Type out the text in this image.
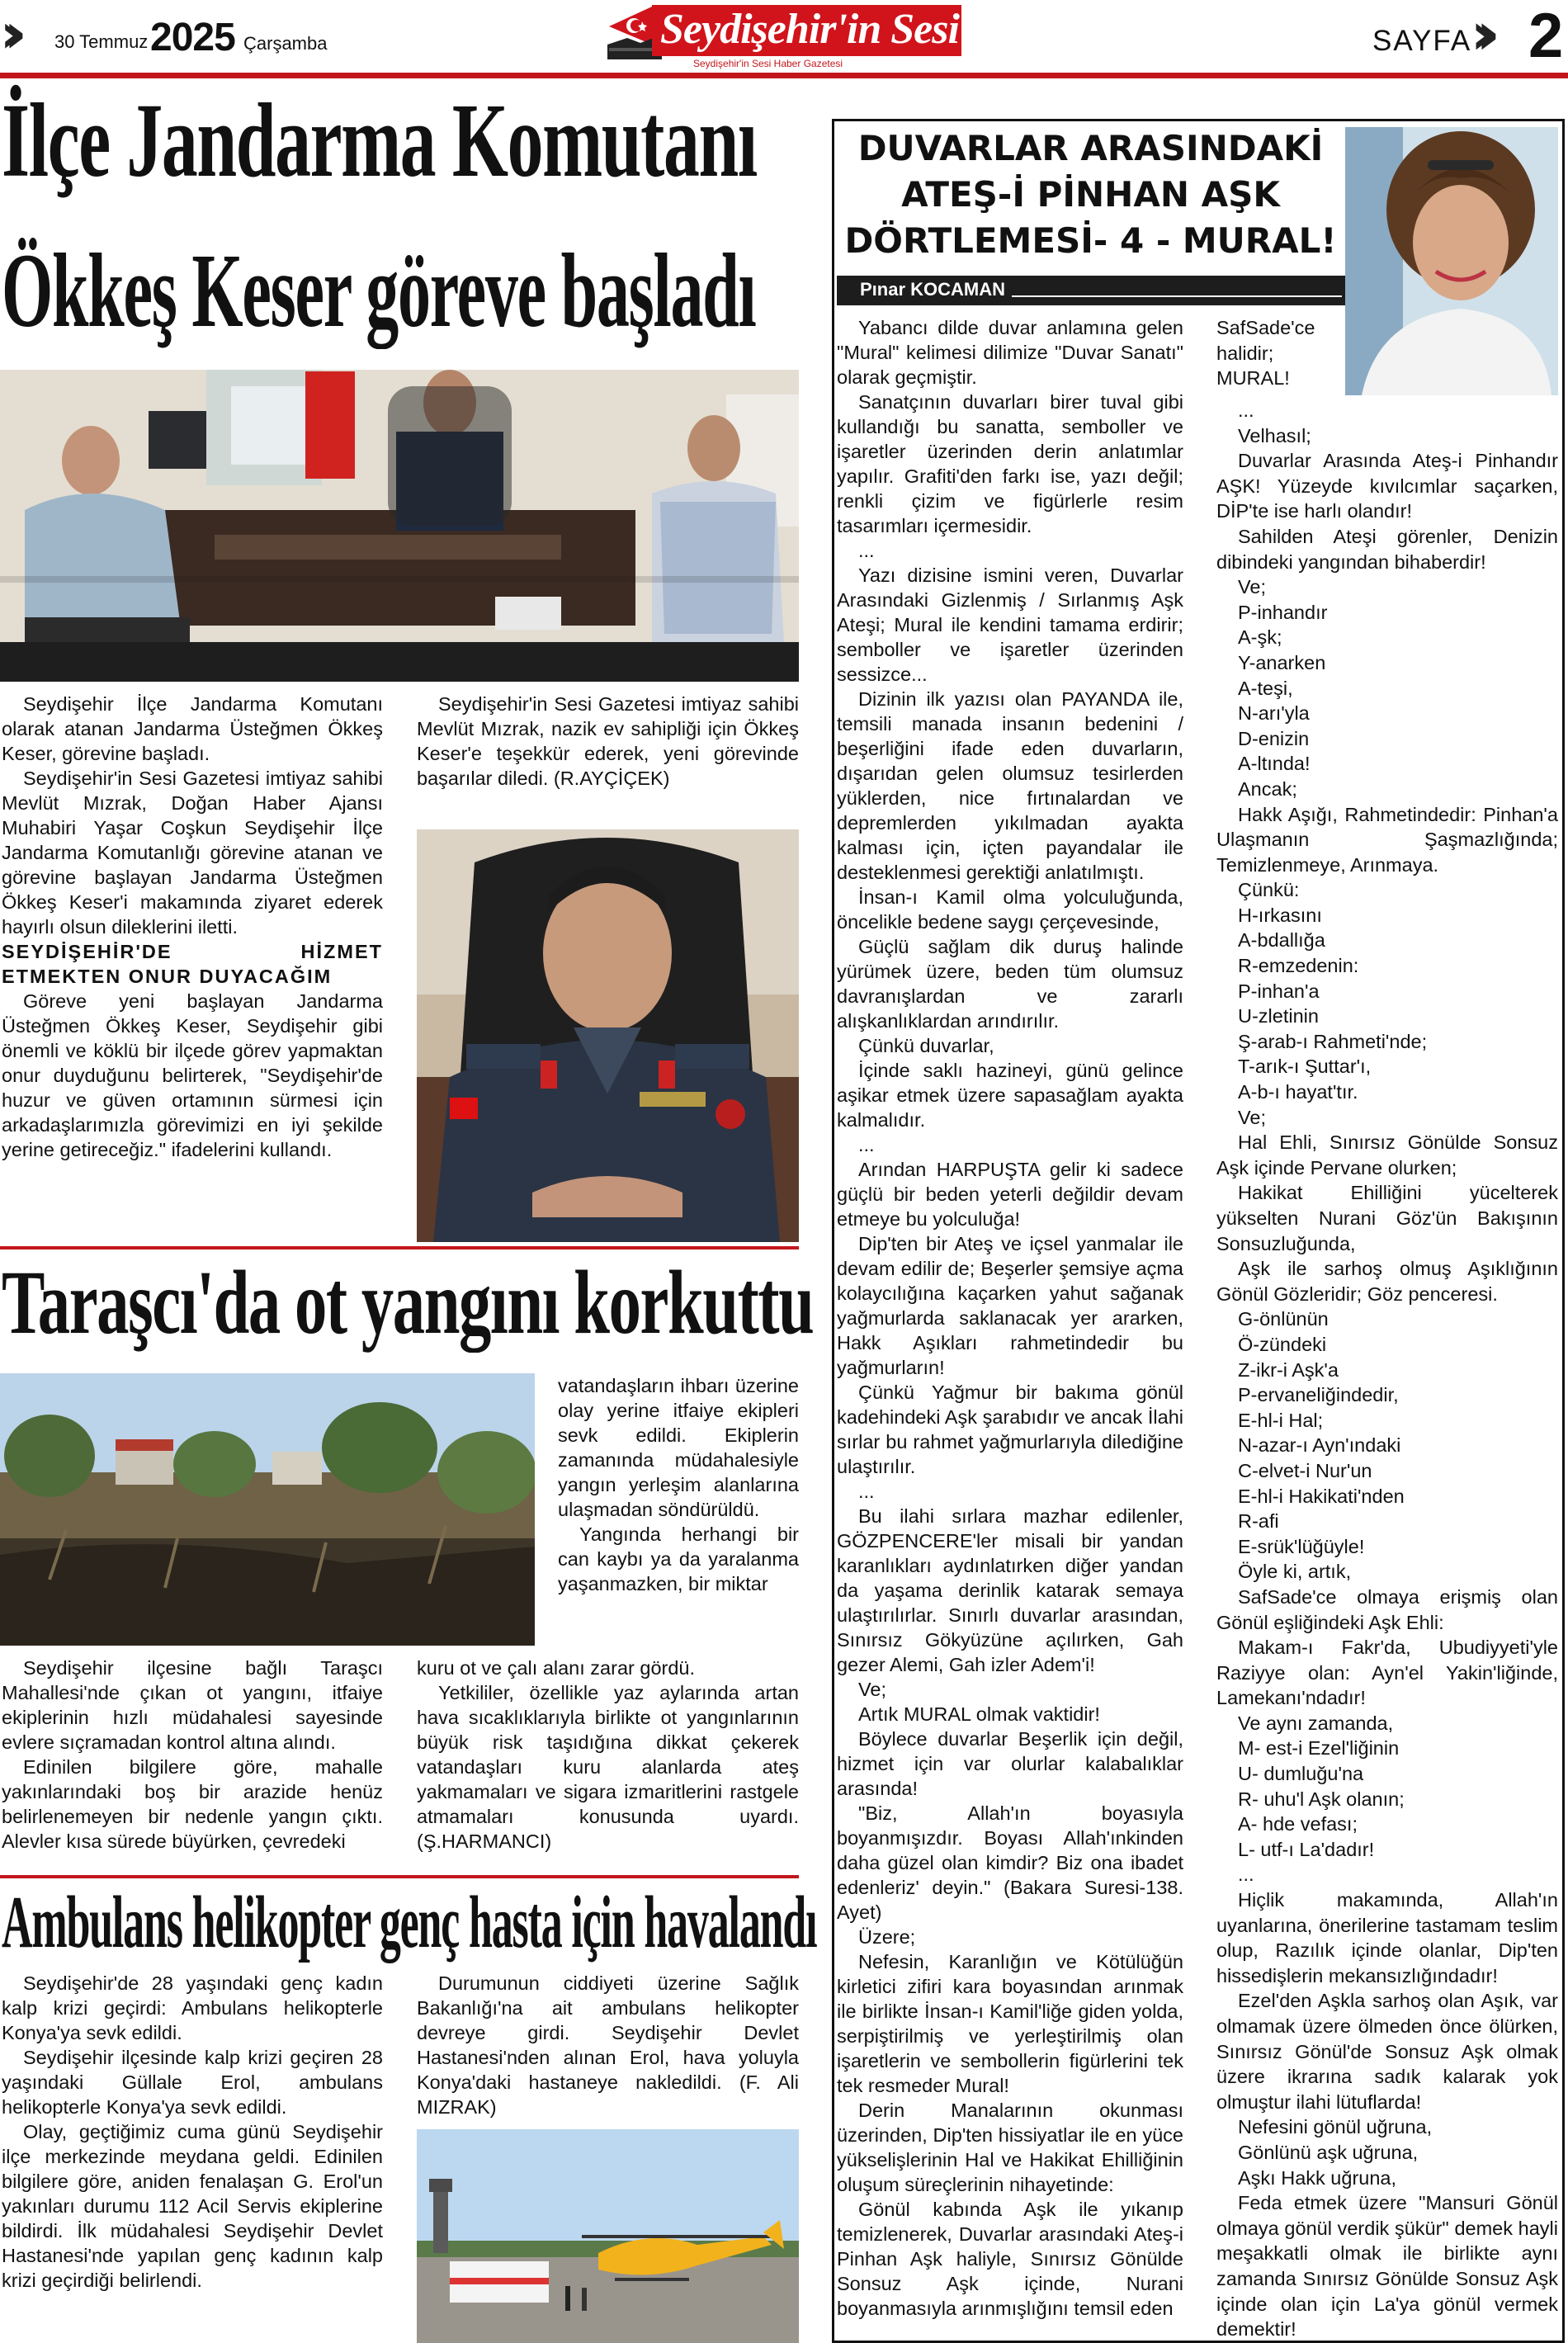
››	30 Temmuz 2025 Çarşamba	Seydişehir'in Sesi
Seydişehir'in Sesi Haber Gazetesi
SAYFA
›› 2
İlçe Jandarma Komutanı
Ökkeş Keser göreve başladı

Seydişehir İlçe Jandarma Komutanı olarak atanan Jandarma Üsteğmen Ökkeş Keser, görevine başladı.

Seydişehir'in Sesi Gazetesi imtiyaz sahibi Mevlüt Mızrak, Doğan Haber Ajansı Muhabiri Yaşar Coşkun Seydişehir İlçe Jandarma Komutanlığı görevine atanan ve görevine başlayan Jandarma Üsteğmen Ökkeş Keser'i makamında ziyaret ederek hayırlı olsun dileklerini iletti.

SEYDİŞEHİR'DE HİZMET ETMEKTEN ONUR DUYACAĞIM

Göreve yeni başlayan Jandarma Üsteğmen Ökkeş Keser, Seydişehir gibi önemli ve köklü bir ilçede görev yapmaktan onur duyduğunu belirterek, "Seydişehir'de huzur ve güven ortamının sürmesi için arkadaşlarımızla görevimizi en iyi şekilde yerine getireceğiz." ifadelerini kullandı.

Seydişehir'in Sesi Gazetesi imtiyaz sahibi Mevlüt Mızrak, nazik ev sahipliği için Ökkeş Keser'e teşekkür ederek, yeni görevinde başarılar diledi. (R.AYÇİÇEK)

Taraşcı'da ot yangını korkuttu

vatandaşların ihbarı üzerine olay yerine itfaiye ekipleri sevk edildi. Ekiplerin zamanında müdahalesiyle yangın yerleşim alanlarına ulaşmadan söndürüldü.

Yangında herhangi bir can kaybı ya da yaralanma yaşanmazken, bir miktar

Seydişehir ilçesine bağlı Taraşcı Mahallesi'nde çıkan ot yangını, itfaiye ekiplerinin hızlı müdahalesi sayesinde evlere sıçramadan kontrol altına alındı.

Edinilen bilgilere göre, mahalle yakınlarındaki boş bir arazide henüz belirlenemeyen bir nedenle yangın çıktı. Alevler kısa sürede büyürken, çevredeki

kuru ot ve çalı alanı zarar gördü.

Yetkililer, özellikle yaz aylarında artan hava sıcaklıklarıyla birlikte ot yangınlarının büyük risk taşıdığına dikkat çekerek vatandaşları kuru alanlarda ateş yakmamaları ve sigara izmaritlerini rastgele atmamaları konusunda uyardı. (Ş.HARMANCI)

Ambulans helikopter genç hasta için havalandı

Seydişehir'de 28 yaşındaki genç kadın kalp krizi geçirdi: Ambulans helikopterle Konya'ya sevk edildi.

Seydişehir ilçesinde kalp krizi geçiren 28 yaşındaki Güllale Erol, ambulans helikopterle Konya'ya sevk edildi.

Olay, geçtiğimiz cuma günü Seydişehir ilçe merkezinde meydana geldi. Edinilen bilgilere göre, aniden fenalaşan G. Erol'un yakınları durumu 112 Acil Servis ekiplerine bildirdi. İlk müdahalesi Seydişehir Devlet Hastanesi'nde yapılan genç kadının kalp krizi geçirdiği belirlendi.

Durumunun ciddiyeti üzerine Sağlık Bakanlığı'na ait ambulans helikopter devreye girdi. Seydişehir Devlet Hastanesi'nden alınan Erol, hava yoluyla Konya'daki hastaneye nakledildi. (F. Ali MIZRAK)

DUVARLAR ARASINDAKİ
ATEŞ-İ PİNHAN AŞK
DÖRTLEMESİ- 4 - MURAL!
Pınar KOCAMAN

Yabancı dilde duvar anlamına gelen "Mural" kelimesi dilimize "Duvar Sanatı" olarak geçmiştir.

Sanatçının duvarları birer tuval gibi kullandığı bu sanatta, semboller ve işaretler üzerinden derin anlatımlar yapılır. Grafiti'den farkı ise, yazı değil; renkli çizim ve figürlerle resim tasarımları içermesidir.

...

Yazı dizisine ismini veren, Duvarlar Arasındaki Gizlenmiş / Sırlanmış Aşk Ateşi; Mural ile kendini tamama erdirir; semboller ve işaretler üzerinden sessizce...

Dizinin ilk yazısı olan PAYANDA ile, temsili manada insanın bedenini / beşerliğini ifade eden duvarların, dışarıdan gelen olumsuz tesirlerden yüklerden, nice fırtınalardan ve depremlerden yıkılmadan ayakta kalması için, içten payandalar ile desteklenmesi gerektiği anlatılmıştı.

İnsan-ı Kamil olma yolculuğunda, öncelikle bedene saygı çerçevesinde,

Güçlü sağlam dik duruş halinde yürümek üzere, beden tüm olumsuz davranışlardan ve zararlı alışkanlıklardan arındırılır.

Çünkü duvarlar,

İçinde saklı hazineyi, günü gelince aşikar etmek üzere sapasağlam ayakta kalmalıdır.

...

Arından HARPUŞTA gelir ki sadece güçlü bir beden yeterli değildir devam etmeye bu yolculuğa!

Dip'ten bir Ateş ve içsel yanmalar ile devam edilir de; Beşerler şemsiye açma kolaycılığına kaçarken yahut sağanak yağmurlarda saklanacak yer ararken, Hakk Aşıkları rahmetindedir bu yağmurların!

Çünkü Yağmur bir bakıma gönül kadehindeki Aşk şarabıdır ve ancak İlahi sırlar bu rahmet yağmurlarıyla dilediğine ulaştırılır.

...

Bu ilahi sırlara mazhar edilenler, GÖZPENCERE'ler misali bir yandan karanlıkları aydınlatırken diğer yandan da yaşama derinlik katarak semaya ulaştırılırlar. Sınırlı duvarlar arasından, Sınırsız Gökyüzüne açılırken, Gah gezer Alemi, Gah izler Adem'i!

Ve;

Artık MURAL olmak vaktidir!

Böylece duvarlar Beşerlik için değil, hizmet için var olurlar kalabalıklar arasında!

"Biz, Allah'ın boyasıyla boyanmışızdır. Boyası Allah'ınkinden daha güzel olan kimdir? Biz ona ibadet edenleriz' deyin." (Bakara Suresi-138. Ayet)

Üzere;

Nefesin, Karanlığın ve Kötülüğün kirletici zifiri kara boyasından arınmak ile birlikte İnsan-ı Kamil'liğe giden yolda, serpiştirilmiş ve yerleştirilmiş olan işaretlerin ve sembollerin figürlerini tek tek resmeder Mural!

Derin Manalarının okunması üzerinden, Dip'ten hissiyatlar ile en yüce yükselişlerinin Hal ve Hakikat Ehilliğinin oluşum süreçlerinin nihayetinde:

Gönül kabında Aşk ile yıkanıp temizlenerek, Duvarlar arasındaki Ateş-i Pinhan Aşk haliyle, Sınırsız Gönülde Sonsuz Aşk içinde, Nurani boyanmasıyla arınmışlığını temsil eden

SafSade'ce halidir;

MURAL!

...

Velhasıl;

Duvarlar Arasında Ateş-i Pinhandır AŞK! Yüzeyde kıvılcımlar saçarken, DİP'te ise harlı olandır!

Sahilden Ateşi görenler, Denizin dibindeki yangından bihaberdir!

Ve;

P-inhandır

A-şk;

Y-anarken

A-teşi,

N-arı'yla

D-enizin

A-ltında!

Ancak;

Hakk Aşığı, Rahmetindedir: Pinhan'a Ulaşmanın Şaşmazlığında; Temizlenmeye, Arınmaya.

Çünkü:

H-ırkasını

A-bdallığa

R-emzedenin:

P-inhan'a

U-zletinin

Ş-arab-ı Rahmeti'nde;

T-arık-ı Şuttar'ı,

A-b-ı hayat'tır.

Ve;

Hal Ehli, Sınırsız Gönülde Sonsuz Aşk içinde Pervane olurken;

Hakikat Ehilliğini yücelterek yükselten Nurani Göz'ün Bakışının Sonsuzluğunda,

Aşk ile sarhoş olmuş Aşıklığının Gönül Gözleridir; Göz penceresi.

G-önlünün

Ö-zündeki

Z-ikr-i Aşk'a

P-ervaneliğindedir,

E-hl-i Hal;

N-azar-ı Ayn'ındaki

C-elvet-i Nur'un

E-hl-i Hakikati'nden

R-afi

E-srük'lüğüyle!

Öyle ki, artık,

SafSade'ce olmaya erişmiş olan Gönül eşliğindeki Aşk Ehli:

Makam-ı Fakr'da, Ubudiyyeti'yle Raziyye olan: Ayn'el Yakin'liğinde, Lamekanı'ndadır!

Ve aynı zamanda,

M- est-i Ezel'liğinin

U- dumluğu'na

R- uhu'l Aşk olanın;

A- hde vefası;

L- utf-ı La'dadır!

...

Hiçlik makamında, Allah'ın uyanlarına, önerilerine tastamam teslim olup, Razılık içinde olanlar, Dip'ten hissedişlerin mekansızlığındadır!

Ezel'den Aşkla sarhoş olan Aşık, var olmamak üzere ölmeden önce ölürken, Sınırsız Gönül'de Sonsuz Aşk olmak üzere ikrarına sadık kalarak yok olmuştur ilahi lütuflarda!

Nefesini gönül uğruna,

Gönlünü aşk uğruna,

Aşkı Hakk uğruna,

Feda etmek üzere "Mansuri Gönül olmaya gönül verdik şükür" demek hayli meşakkatli olmak ile birlikte aynı zamanda Sınırsız Gönülde Sonsuz Aşk içinde olan için La'ya gönül vermek demektir!
